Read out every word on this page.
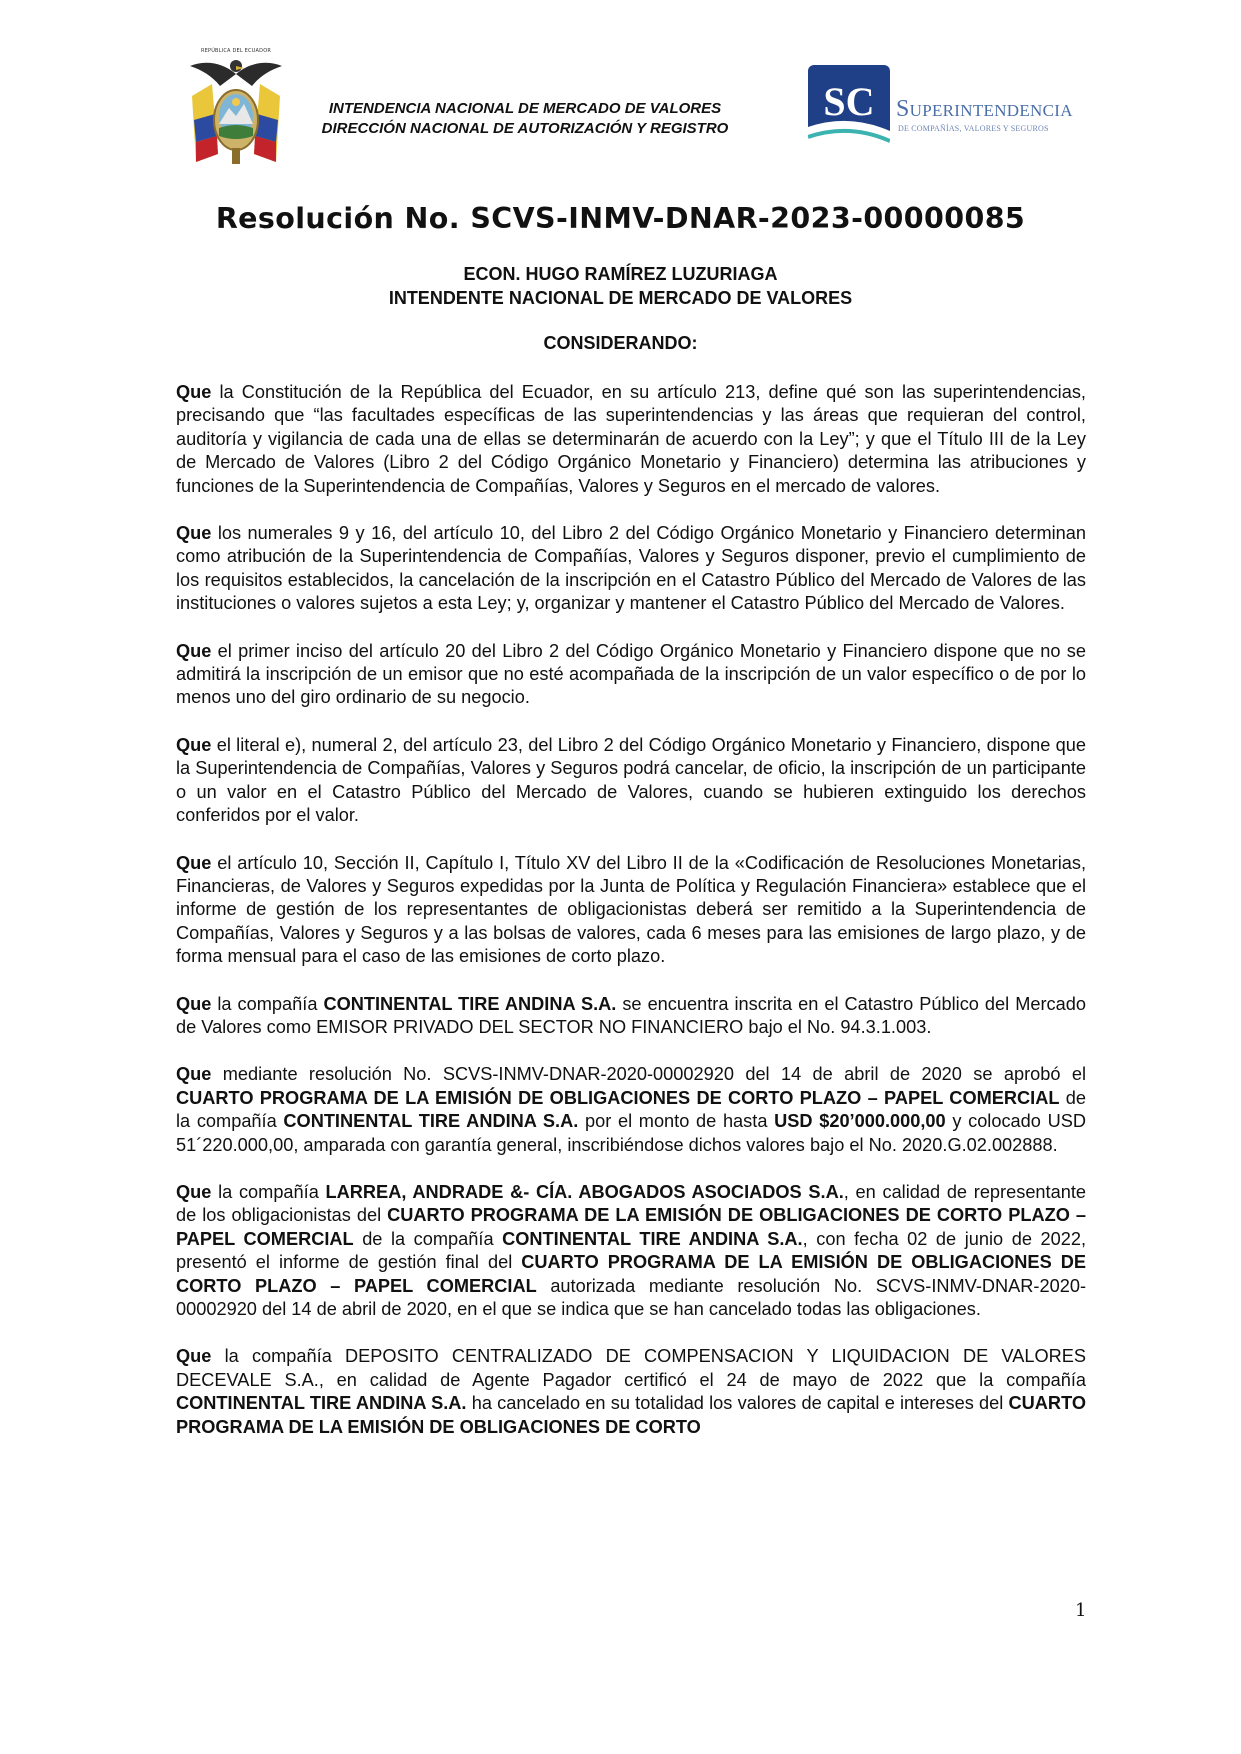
REPÚBLICA DEL ECUADOR
INTENDENCIA NACIONAL DE MERCADO DE VALORES
DIRECCIÓN NACIONAL DE AUTORIZACIÓN Y REGISTRO
SC Superintendencia
DE COMPAÑÍAS, VALORES Y SEGUROS
Resolución No. SCVS-INMV-DNAR-2023-00000085
ECON. HUGO RAMÍREZ LUZURIAGA
INTENDENTE NACIONAL DE MERCADO DE VALORES
CONSIDERANDO:

Que la Constitución de la República del Ecuador, en su artículo 213, define qué son las superintendencias, precisando que “las facultades específicas de las superintendencias y las áreas que requieran del control, auditoría y vigilancia de cada una de ellas se determinarán de acuerdo con la Ley”; y que el Título III de la Ley de Mercado de Valores (Libro 2 del Código Orgánico Monetario y Financiero) determina las atribuciones y funciones de la Superintendencia de Compañías, Valores y Seguros en el mercado de valores.

Que los numerales 9 y 16, del artículo 10, del Libro 2 del Código Orgánico Monetario y Financiero determinan como atribución de la Superintendencia de Compañías, Valores y Seguros disponer, previo el cumplimiento de los requisitos establecidos, la cancelación de la inscripción en el Catastro Público del Mercado de Valores de las instituciones o valores sujetos a esta Ley; y, organizar y mantener el Catastro Público del Mercado de Valores.

Que el primer inciso del artículo 20 del Libro 2 del Código Orgánico Monetario y Financiero dispone que no se admitirá la inscripción de un emisor que no esté acompañada de la inscripción de un valor específico o de por lo menos uno del giro ordinario de su negocio.

Que el literal e), numeral 2, del artículo 23, del Libro 2 del Código Orgánico Monetario y Financiero, dispone que la Superintendencia de Compañías, Valores y Seguros podrá cancelar, de oficio, la inscripción de un participante o un valor en el Catastro Público del Mercado de Valores, cuando se hubieren extinguido los derechos conferidos por el valor.

Que el artículo 10, Sección II, Capítulo I, Título XV del Libro II de la «Codificación de Resoluciones Monetarias, Financieras, de Valores y Seguros expedidas por la Junta de Política y Regulación Financiera» establece que el informe de gestión de los representantes de obligacionistas deberá ser remitido a la Superintendencia de Compañías, Valores y Seguros y a las bolsas de valores, cada 6 meses para las emisiones de largo plazo, y de forma mensual para el caso de las emisiones de corto plazo.

Que la compañía CONTINENTAL TIRE ANDINA S.A. se encuentra inscrita en el Catastro Público del Mercado de Valores como EMISOR PRIVADO DEL SECTOR NO FINANCIERO bajo el No. 94.3.1.003.

Que mediante resolución No. SCVS-INMV-DNAR-2020-00002920 del 14 de abril de 2020 se aprobó el CUARTO PROGRAMA DE LA EMISIÓN DE OBLIGACIONES DE CORTO PLAZO – PAPEL COMERCIAL de la compañía CONTINENTAL TIRE ANDINA S.A. por el monto de hasta USD $20’000.000,00 y colocado USD 51´220.000,00, amparada con garantía general, inscribiéndose dichos valores bajo el No. 2020.G.02.002888.

Que la compañía LARREA, ANDRADE &- CÍA. ABOGADOS ASOCIADOS S.A., en calidad de representante de los obligacionistas del CUARTO PROGRAMA DE LA EMISIÓN DE OBLIGACIONES DE CORTO PLAZO – PAPEL COMERCIAL de la compañía CONTINENTAL TIRE ANDINA S.A., con fecha 02 de junio de 2022, presentó el informe de gestión final del CUARTO PROGRAMA DE LA EMISIÓN DE OBLIGACIONES DE CORTO PLAZO – PAPEL COMERCIAL autorizada mediante resolución No. SCVS-INMV-DNAR-2020-00002920 del 14 de abril de 2020, en el que se indica que se han cancelado todas las obligaciones.

Que la compañía DEPOSITO CENTRALIZADO DE COMPENSACION Y LIQUIDACION DE VALORES DECEVALE S.A., en calidad de Agente Pagador certificó el 24 de mayo de 2022 que la compañía CONTINENTAL TIRE ANDINA S.A. ha cancelado en su totalidad los valores de capital e intereses del CUARTO PROGRAMA DE LA EMISIÓN DE OBLIGACIONES DE CORTO

1
